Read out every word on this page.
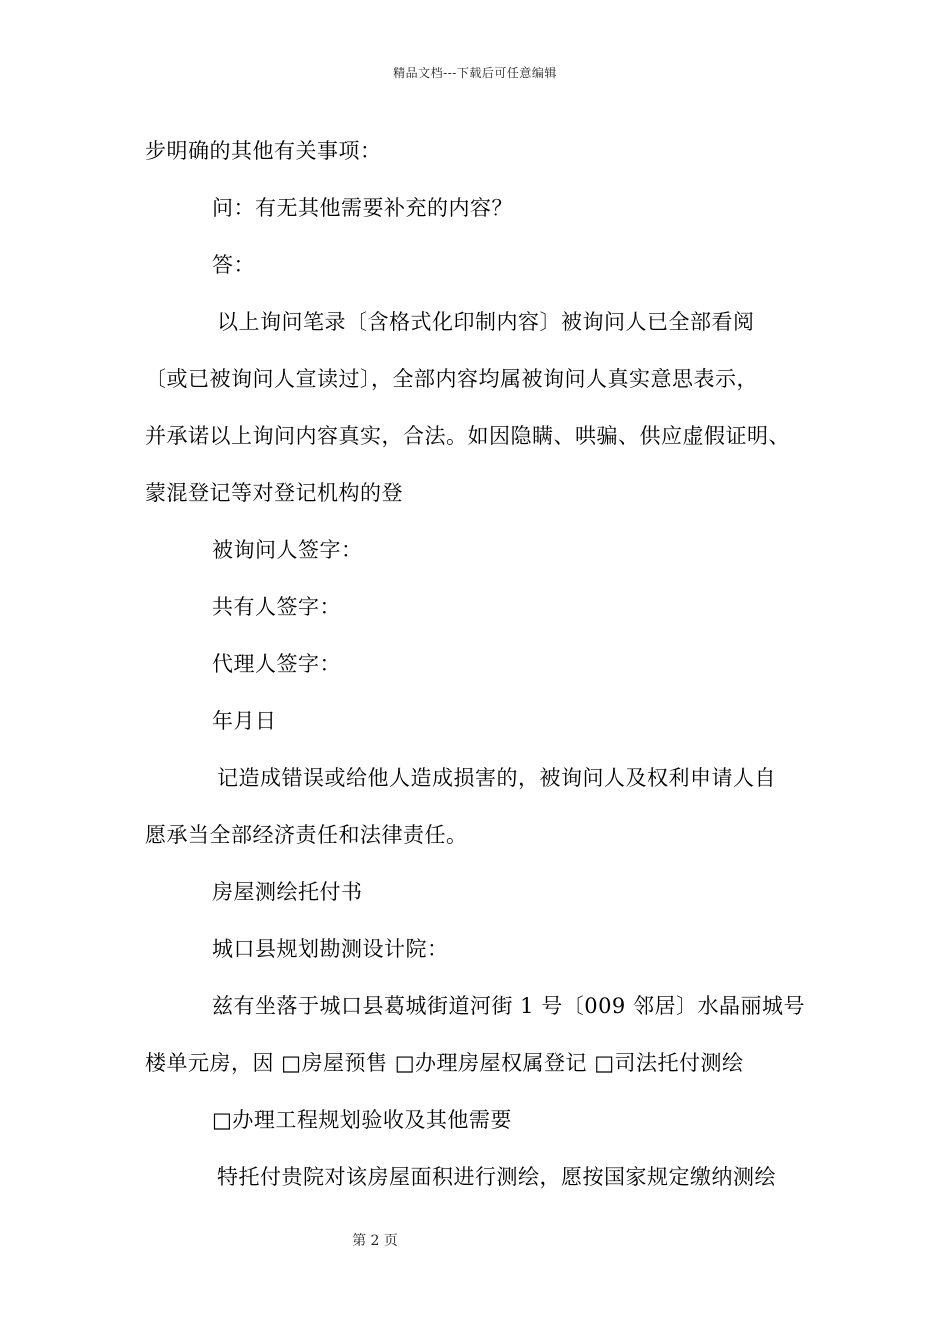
精品文档---下载后可任意编辑
步明确的其他有关事项：
问：有无其他需要补充的内容？
答：
以上询问笔录〔含格式化印制内容〕被询问人已全部看阅
〔或已被询问人宣读过〕，全部内容均属被询问人真实意思表示，
并承诺以上询问内容真实，合法。如因隐瞒、哄骗、供应虚假证明、
蒙混登记等对登记机构的登
被询问人签字：
共有人签字：
代理人签字：
年月日
记造成错误或给他人造成损害的，被询问人及权利申请人自
愿承当全部经济责任和法律责任。
房屋测绘托付书
城口县规划勘测设计院：
兹有坐落于城口县葛城街道河街 1 号〔009 邻居〕水晶丽城号
楼单元房，因 □房屋预售 □办理房屋权属登记 □司法托付测绘
□办理工程规划验收及其他需要
特托付贵院对该房屋面积进行测绘，愿按国家规定缴纳测绘
第 2 页
